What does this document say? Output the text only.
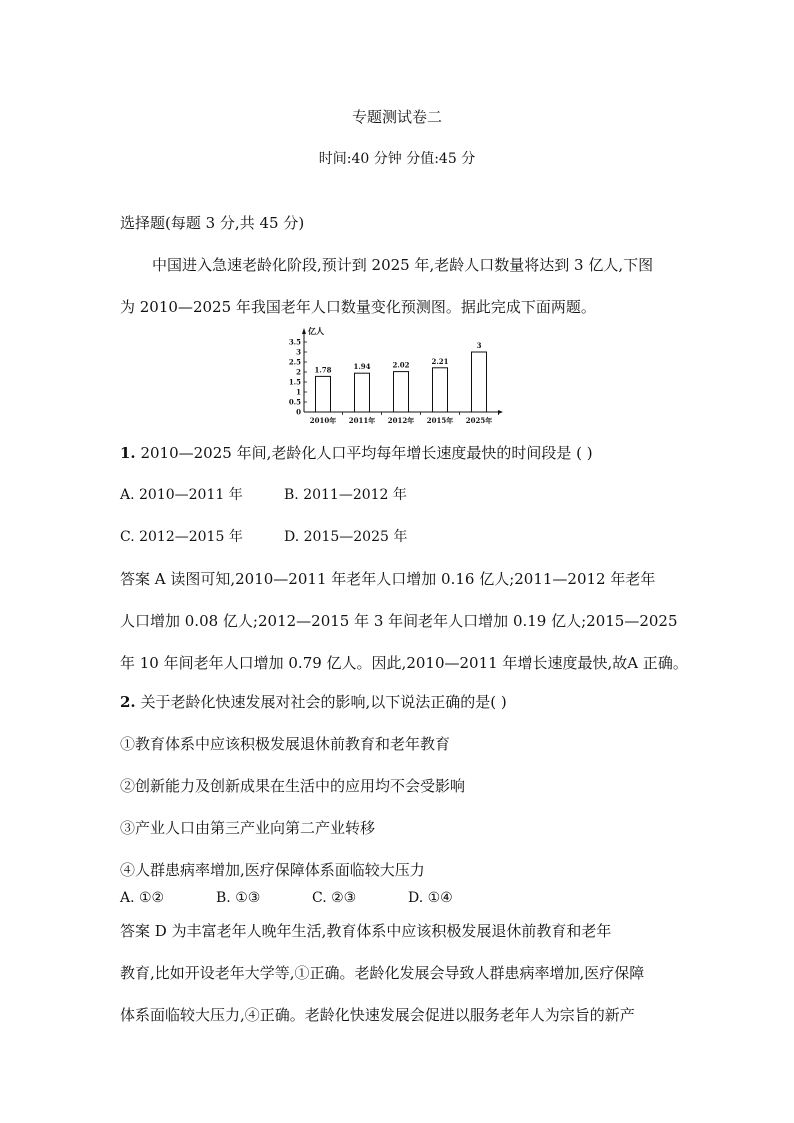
专题测试卷二
时间:40 分钟 分值:45 分
选择题(每题 3 分,共 45 分)
中国进入急速老龄化阶段,预计到 2025 年,老龄人口数量将达到 3 亿人,下图
为 2010—2025 年我国老年人口数量变化预测图。据此完成下面两题。
亿人
0
0.5
1
1.5
2
2.5
3
3.5
1.78
2010年
1.94
2011年
2.02
2012年
2.21
2015年
3
2025年
1. 2010—2025 年间,老龄化人口平均每年增长速度最快的时间段是 ( )
A. 2010—2011 年	B. 2011—2012 年
C. 2012—2015 年	D. 2015—2025 年
答案 A 读图可知,2010—2011 年老年人口增加 0.16 亿人;2011—2012 年老年
人口增加 0.08 亿人;2012—2015 年 3 年间老年人口增加 0.19 亿人;2015—2025
年 10 年间老年人口增加 0.79 亿人。因此,2010—2011 年增长速度最快,故A 正确。
2. 关于老龄化快速发展对社会的影响,以下说法正确的是( )
①教育体系中应该积极发展退休前教育和老年教育
②创新能力及创新成果在生活中的应用均不会受影响
③产业人口由第三产业向第二产业转移
④人群患病率增加,医疗保障体系面临较大压力
A. ①②	B. ①③	C. ②③	D. ①④
答案 D 为丰富老年人晚年生活,教育体系中应该积极发展退休前教育和老年
教育,比如开设老年大学等,①正确。老龄化发展会导致人群患病率增加,医疗保障
体系面临较大压力,④正确。老龄化快速发展会促进以服务老年人为宗旨的新产
